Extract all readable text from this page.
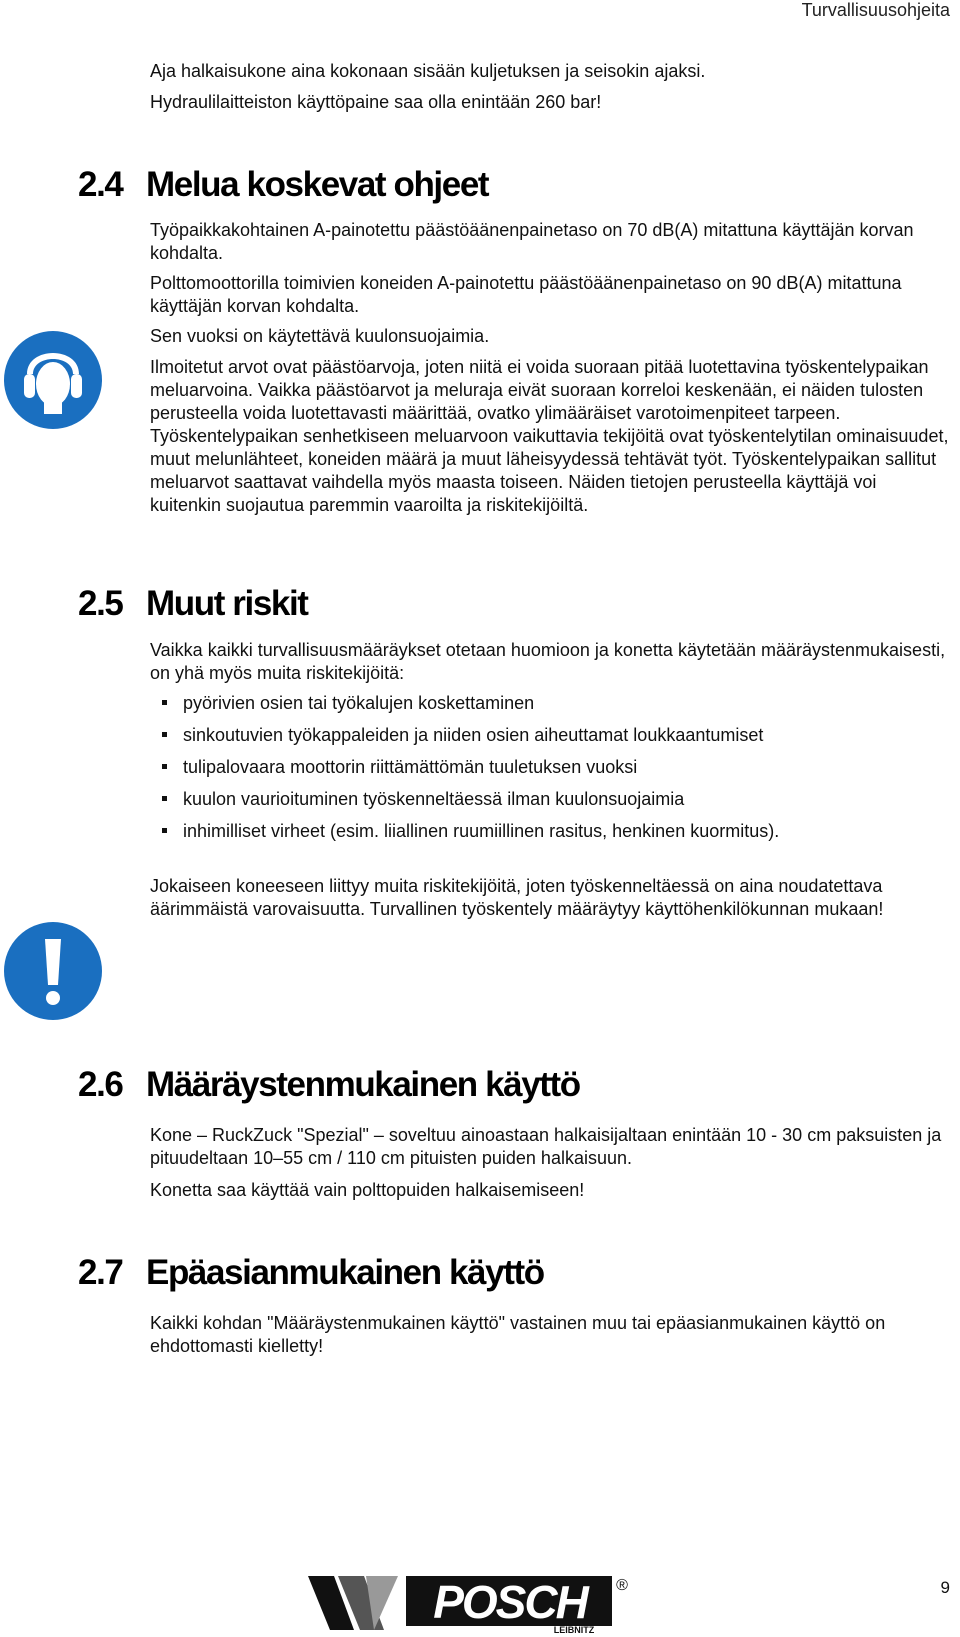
Turvallisuusohjeita

Aja halkaisukone aina kokonaan sisään kuljetuksen ja seisokin ajaksi.

Hydraulilaitteiston käyttöpaine saa olla enintään 260 bar!

2.4 Melua koskevat ohjeet

Työpaikkakohtainen A-painotettu päästöäänenpainetaso on 70 dB(A) mitattuna käyttäjän korvan kohdalta.

Polttomoottorilla toimivien koneiden A-painotettu päästöäänenpainetaso on 90 dB(A) mitattuna käyttäjän korvan kohdalta.

Sen vuoksi on käytettävä kuulonsuojaimia.

Ilmoitetut arvot ovat päästöarvoja, joten niitä ei voida suoraan pitää luotettavina työskentelypaikan meluarvoina. Vaikka päästöarvot ja meluraja eivät suoraan korreloi keskenään, ei näiden tulosten perusteella voida luotettavasti määrittää, ovatko ylimääräiset varotoimenpiteet tarpeen. Työskentelypaikan senhetkiseen meluarvoon vaikuttavia tekijöitä ovat työskentelytilan ominaisuudet, muut melunlähteet, koneiden määrä ja muut läheisyydessä tehtävät työt. Työskentelypaikan sallitut meluarvot saattavat vaihdella myös maasta toiseen. Näiden tietojen perusteella käyttäjä voi kuitenkin suojautua paremmin vaaroilta ja riskitekijöiltä.

2.5 Muut riskit

Vaikka kaikki turvallisuusmääräykset otetaan huomioon ja konetta käytetään määräystenmukaisesti, on yhä myös muita riskitekijöitä:

pyörivien osien tai työkalujen koskettaminen
sinkoutuvien työkappaleiden ja niiden osien aiheuttamat loukkaantumiset
tulipalovaara moottorin riittämättömän tuuletuksen vuoksi
kuulon vaurioituminen työskenneltäessä ilman kuulonsuojaimia
inhimilliset virheet (esim. liiallinen ruumiillinen rasitus, henkinen kuormitus).

Jokaiseen koneeseen liittyy muita riskitekijöitä, joten työskenneltäessä on aina noudatettava äärimmäistä varovaisuutta. Turvallinen työskentely määräytyy käyttöhenkilökunnan mukaan!

2.6 Määräystenmukainen käyttö

Kone – RuckZuck "Spezial" – soveltuu ainoastaan halkaisijaltaan enintään 10 - 30 cm paksuisten ja pituudeltaan 10–55 cm / 110 cm pituisten puiden halkaisuun.

Konetta saa käyttää vain polttopuiden halkaisemiseen!

2.7 Epäasianmukainen käyttö

Kaikki kohdan "Määräystenmukainen käyttö" vastainen muu tai epäasianmukainen käyttö on ehdottomasti kielletty!

POSCH
LEIBNITZ
®	9
